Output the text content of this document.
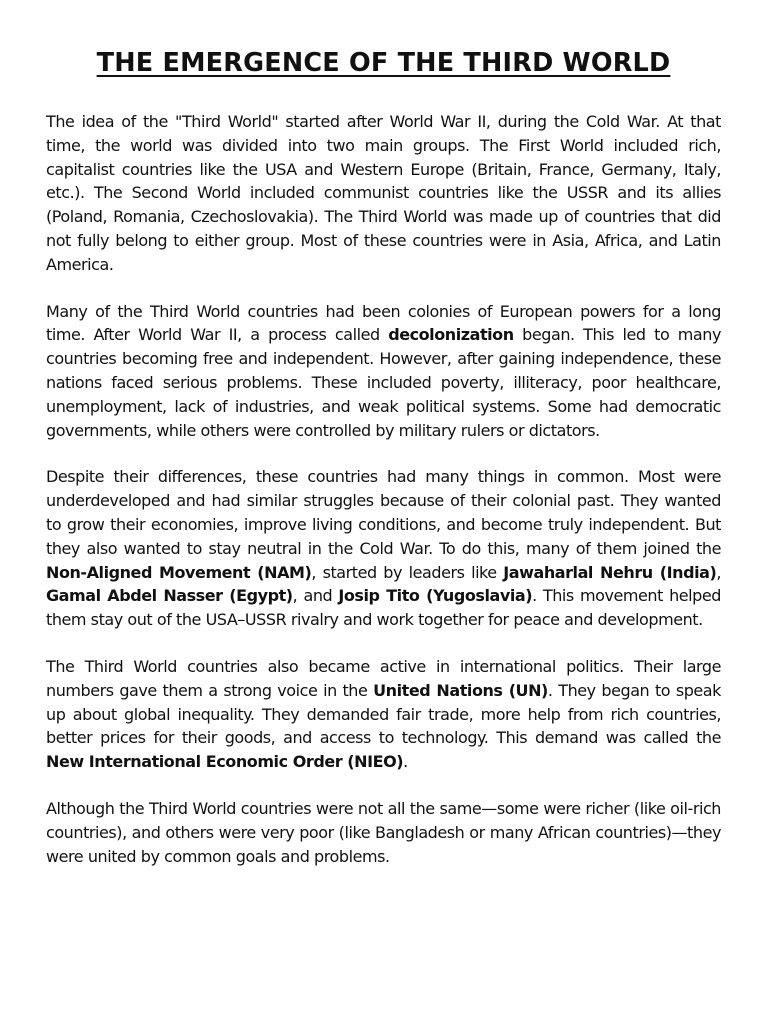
THE EMERGENCE OF THE THIRD WORLD

The idea of the "Third World" started after World War II, during the Cold War. At that time, the world was divided into two main groups. The First World included rich, capitalist countries like the USA and Western Europe (Britain, France, Germany, Italy, etc.). The Second World included communist countries like the USSR and its allies (Poland, Romania, Czechoslovakia). The Third World was made up of countries that did not fully belong to either group. Most of these countries were in Asia, Africa, and Latin America.

Many of the Third World countries had been colonies of European powers for a long time. After World War II, a process called decolonization began. This led to many countries becoming free and independent. However, after gaining independence, these nations faced serious problems. These included poverty, illiteracy, poor healthcare, unemployment, lack of industries, and weak political systems. Some had democratic governments, while others were controlled by military rulers or dictators.

Despite their differences, these countries had many things in common. Most were underdeveloped and had similar struggles because of their colonial past. They wanted to grow their economies, improve living conditions, and become truly independent. But they also wanted to stay neutral in the Cold War. To do this, many of them joined the Non-Aligned Movement (NAM), started by leaders like Jawaharlal Nehru (India), Gamal Abdel Nasser (Egypt), and Josip Tito (Yugoslavia). This movement helped them stay out of the USA–USSR rivalry and work together for peace and development.

The Third World countries also became active in international politics. Their large numbers gave them a strong voice in the United Nations (UN). They began to speak up about global inequality. They demanded fair trade, more help from rich countries, better prices for their goods, and access to technology. This demand was called the New International Economic Order (NIEO).

Although the Third World countries were not all the same—some were richer (like oil-rich countries), and others were very poor (like Bangladesh or many African countries)—they were united by common goals and problems.
